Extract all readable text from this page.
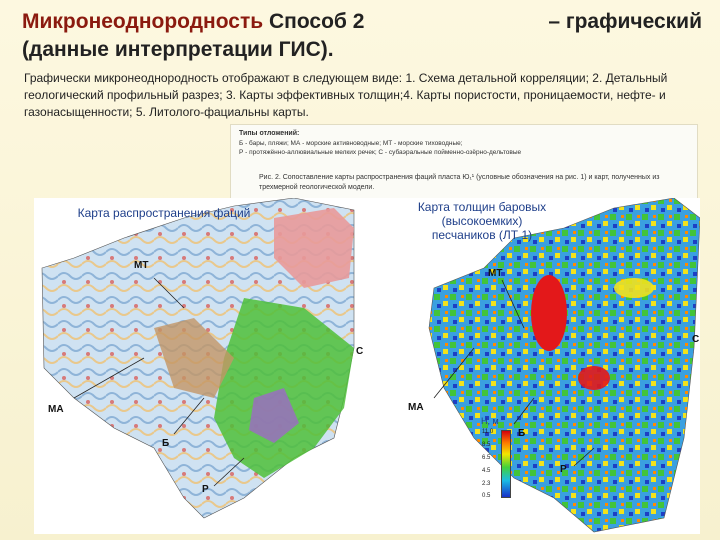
Микронеоднородность Способ 2	– графический

(данные интерпретации ГИС).
Графически микронеоднородность отображают в следующем виде: 1. Схема детальной корреляции; 2. Детальный геологический профильный разрез; 3. Карты эффективных толщин;4. Карты пористости, проницаемости, нефте- и газонасыщенности; 5. Литолого-фациальны карты.
Типы отложений:
Б - бары, пляжи; МА - морские активноводные; МТ - морские тиховодные;
Р - протяжённо-аллювиальные мелких речек; С - субаэральные пойменно-озёрно-дельтовые
Рис. 2. Сопоставление карты распространения фаций пласта Ю₁¹ (условные обозначения на рис. 1) и карт, полученных из трехмерной геологической модели.
Карта распространения фаций	Карта толщин баровых (высокоемких) песчаников (ЛТ 1)
МТ
МА
Б
С
Р
МТ
МА
Б
С
Р
Н, м
11.0
8.5
6.5
4.5
2.3
0.5
